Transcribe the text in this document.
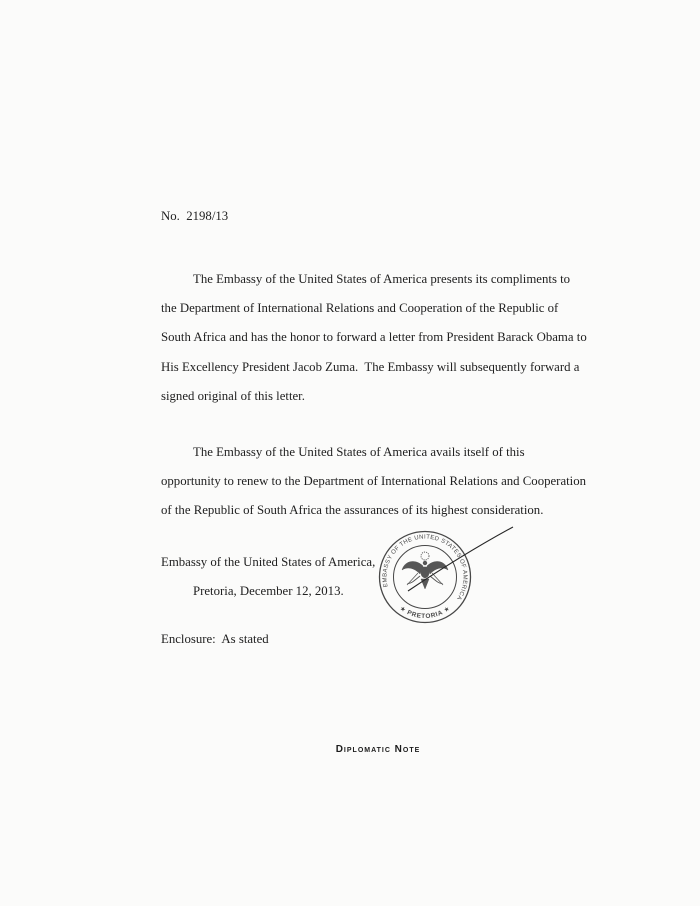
No.  2198/13
The Embassy of the United States of America presents its compliments to
the Department of International Relations and Cooperation of the Republic of
South Africa and has the honor to forward a letter from President Barack Obama to
His Excellency President Jacob Zuma.  The Embassy will subsequently forward a
signed original of this letter.
The Embassy of the United States of America avails itself of this
opportunity to renew to the Department of International Relations and Cooperation
of the Republic of South Africa the assurances of its highest consideration.
Embassy of the United States of America,
Pretoria, December 12, 2013.
Enclosure:  As stated
EMBASSY OF THE UNITED STATES OF AMERICA
★ PRETORIA ★
Diplomatic Note
